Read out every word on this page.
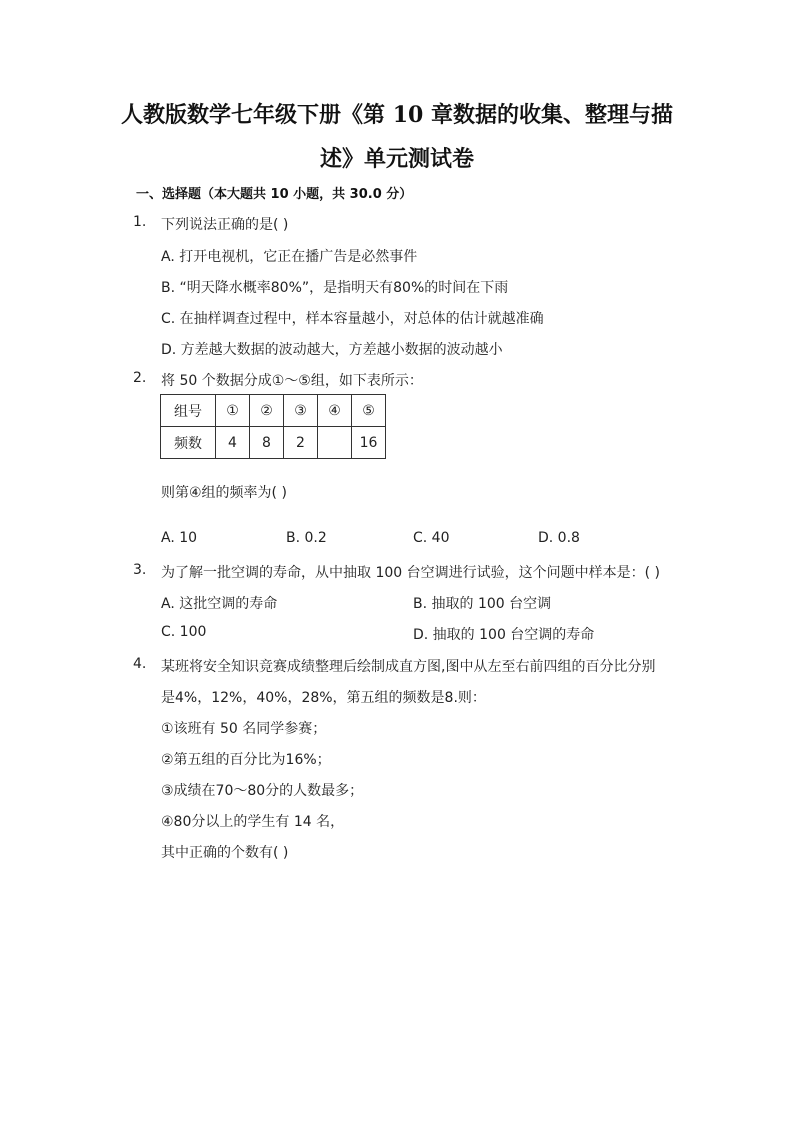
人教版数学七年级下册《第 10 章数据的收集、整理与描
述》单元测试卷
一、选择题（本大题共 10 小题，共 30.0 分）
1. 下列说法正确的是( )
A. 打开电视机，它正在播广告是必然事件
B. “明天降水概率80%”，是指明天有80%的时间在下雨
C. 在抽样调查过程中，样本容量越小，对总体的估计就越准确
D. 方差越大数据的波动越大，方差越小数据的波动越小
2. 将 50 个数据分成①～⑤组，如下表所示：
组号	①	②	③	④	⑤
频数	4	8	2		16
则第④组的频率为( )
A. 10	B. 0.2	C. 40	D. 0.8
3. 为了解一批空调的寿命，从中抽取 100 台空调进行试验，这个问题中样本是：( )
A. 这批空调的寿命	B. 抽取的 100 台空调
C. 100	D. 抽取的 100 台空调的寿命
4. 某班将安全知识竞赛成绩整理后绘制成直方图,图中从左至右前四组的百分比分别
是4%，12%，40%，28%，第五组的频数是8.则：
①该班有 50 名同学参赛；
②第五组的百分比为16%；
③成绩在70～80分的人数最多；
④80分以上的学生有 14 名，
其中正确的个数有( )
